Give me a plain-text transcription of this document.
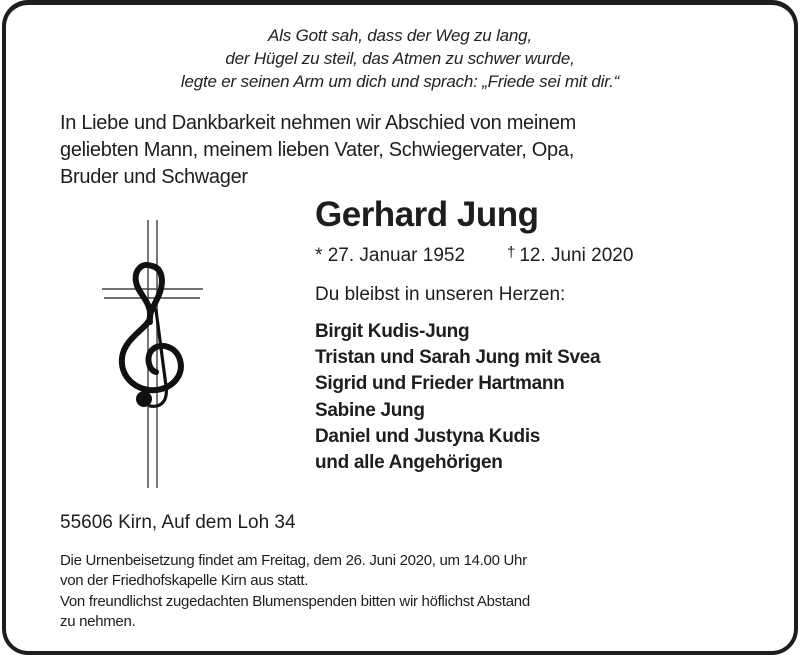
Als Gott sah, dass der Weg zu lang,
der Hügel zu steil, das Atmen zu schwer wurde,
legte er seinen Arm um dich und sprach: „Friede sei mit dir.“
In Liebe und Dankbarkeit nehmen wir Abschied von meinem
geliebten Mann, meinem lieben Vater, Schwiegervater, Opa,
Bruder und Schwager
Gerhard Jung
* 27. Januar 1952	† 12. Juni 2020
Du bleibst in unseren Herzen:
Birgit Kudis-Jung
Tristan und Sarah Jung mit Svea
Sigrid und Frieder Hartmann
Sabine Jung
Daniel und Justyna Kudis
und alle Angehörigen
55606 Kirn, Auf dem Loh 34
Die Urnenbeisetzung findet am Freitag, dem 26. Juni 2020, um 14.00 Uhr
von der Friedhofskapelle Kirn aus statt.
Von freundlichst zugedachten Blumenspenden bitten wir höflichst Abstand
zu nehmen.
